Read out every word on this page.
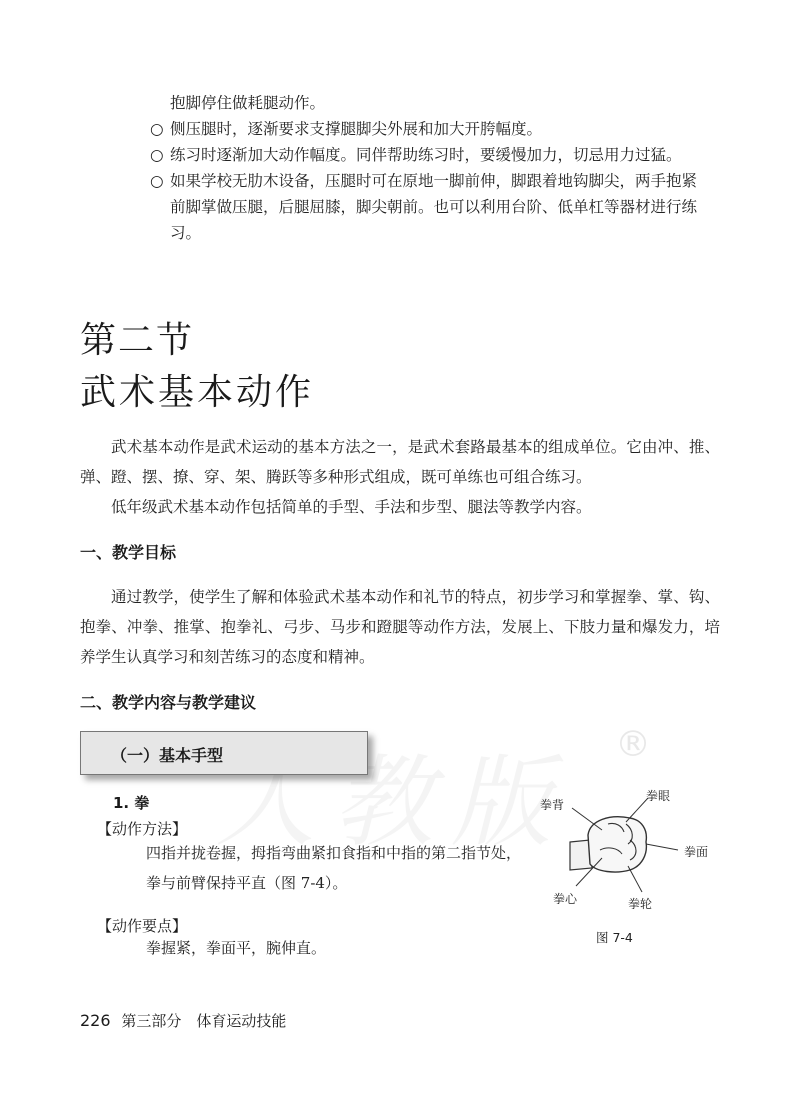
抱脚停住做耗腿动作。
○ 侧压腿时，逐渐要求支撑腿脚尖外展和加大开胯幅度。
○ 练习时逐渐加大动作幅度。同伴帮助练习时，要缓慢加力，切忌用力过猛。
○ 如果学校无肋木设备，压腿时可在原地一脚前伸，脚跟着地钩脚尖，两手抱紧前脚掌做压腿，后腿屈膝，脚尖朝前。也可以利用台阶、低单杠等器材进行练习。
第二节
武术基本动作

武术基本动作是武术运动的基本方法之一，是武术套路最基本的组成单位。它由冲、推、弹、蹬、摆、撩、穿、架、腾跃等多种形式组成，既可单练也可组合练习。

低年级武术基本动作包括简单的手型、手法和步型、腿法等教学内容。

一、教学目标

通过教学，使学生了解和体验武术基本动作和礼节的特点，初步学习和掌握拳、掌、钩、抱拳、冲拳、推掌、抱拳礼、弓步、马步和蹬腿等动作方法，发展上、下肢力量和爆发力，培养学生认真学习和刻苦练习的态度和精神。

二、教学内容与教学建议
®
（一）基本手型
1. 拳
【动作方法】
四指并拢卷握，拇指弯曲紧扣食指和中指的第二指节处，拳与前臂保持平直（图 7-4）。
【动作要点】
拳握紧，拳面平，腕伸直。
拳背
拳眼
拳面
拳心	拳轮
图 7-4
226 第三部分　体育运动技能
